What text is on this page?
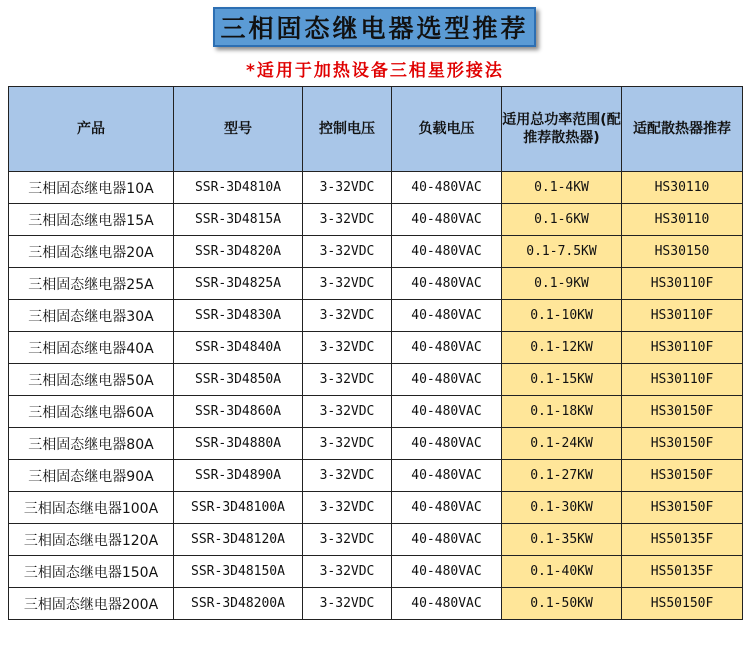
三相固态继电器选型推荐
*适用于加热设备三相星形接法
产品	型号	控制电压	负载电压	适用总功率范围(配推荐散热器)	适配散热器推荐
三相固态继电器10A	SSR-3D4810A	3-32VDC	40-480VAC	0.1-4KW	HS30110
三相固态继电器15A	SSR-3D4815A	3-32VDC	40-480VAC	0.1-6KW	HS30110
三相固态继电器20A	SSR-3D4820A	3-32VDC	40-480VAC	0.1-7.5KW	HS30150
三相固态继电器25A	SSR-3D4825A	3-32VDC	40-480VAC	0.1-9KW	HS30110F
三相固态继电器30A	SSR-3D4830A	3-32VDC	40-480VAC	0.1-10KW	HS30110F
三相固态继电器40A	SSR-3D4840A	3-32VDC	40-480VAC	0.1-12KW	HS30110F
三相固态继电器50A	SSR-3D4850A	3-32VDC	40-480VAC	0.1-15KW	HS30110F
三相固态继电器60A	SSR-3D4860A	3-32VDC	40-480VAC	0.1-18KW	HS30150F
三相固态继电器80A	SSR-3D4880A	3-32VDC	40-480VAC	0.1-24KW	HS30150F
三相固态继电器90A	SSR-3D4890A	3-32VDC	40-480VAC	0.1-27KW	HS30150F
三相固态继电器100A	SSR-3D48100A	3-32VDC	40-480VAC	0.1-30KW	HS30150F
三相固态继电器120A	SSR-3D48120A	3-32VDC	40-480VAC	0.1-35KW	HS50135F
三相固态继电器150A	SSR-3D48150A	3-32VDC	40-480VAC	0.1-40KW	HS50135F
三相固态继电器200A	SSR-3D48200A	3-32VDC	40-480VAC	0.1-50KW	HS50150F
